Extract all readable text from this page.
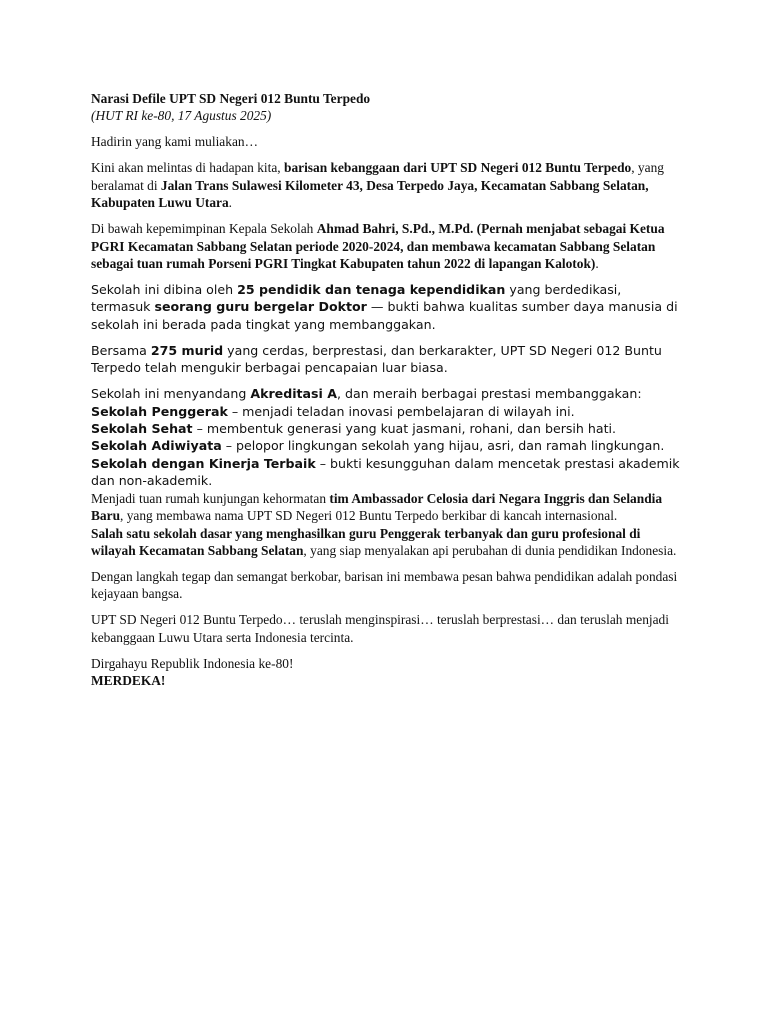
Narasi Defile UPT SD Negeri 012 Buntu Terpedo

(HUT RI ke-80, 17 Agustus 2025)

Hadirin yang kami muliakan…

Kini akan melintas di hadapan kita, barisan kebanggaan dari UPT SD Negeri 012 Buntu Terpedo, yang beralamat di Jalan Trans Sulawesi Kilometer 43, Desa Terpedo Jaya, Kecamatan Sabbang Selatan, Kabupaten Luwu Utara.

Di bawah kepemimpinan Kepala Sekolah Ahmad Bahri, S.Pd., M.Pd. (Pernah menjabat sebagai Ketua PGRI Kecamatan Sabbang Selatan periode 2020-2024, dan membawa kecamatan Sabbang Selatan sebagai tuan rumah Porseni PGRI Tingkat Kabupaten tahun 2022 di lapangan Kalotok).

Sekolah ini dibina oleh 25 pendidik dan tenaga kependidikan yang berdedikasi, termasuk seorang guru bergelar Doktor — bukti bahwa kualitas sumber daya manusia di sekolah ini berada pada tingkat yang membanggakan.

Bersama 275 murid yang cerdas, berprestasi, dan berkarakter, UPT SD Negeri 012 Buntu Terpedo telah mengukir berbagai pencapaian luar biasa.

Sekolah ini menyandang Akreditasi A, dan meraih berbagai prestasi membanggakan:
Sekolah Penggerak – menjadi teladan inovasi pembelajaran di wilayah ini.
Sekolah Sehat – membentuk generasi yang kuat jasmani, rohani, dan bersih hati.
Sekolah Adiwiyata – pelopor lingkungan sekolah yang hijau, asri, dan ramah lingkungan.
Sekolah dengan Kinerja Terbaik – bukti kesungguhan dalam mencetak prestasi akademik dan non-akademik.
Menjadi tuan rumah kunjungan kehormatan tim Ambassador Celosia dari Negara Inggris dan Selandia Baru, yang membawa nama UPT SD Negeri 012 Buntu Terpedo berkibar di kancah internasional.
Salah satu sekolah dasar yang menghasilkan guru Penggerak terbanyak dan guru profesional di wilayah Kecamatan Sabbang Selatan, yang siap menyalakan api perubahan di dunia pendidikan Indonesia.

Dengan langkah tegap dan semangat berkobar, barisan ini membawa pesan bahwa pendidikan adalah pondasi kejayaan bangsa.

UPT SD Negeri 012 Buntu Terpedo… teruslah menginspirasi… teruslah berprestasi… dan teruslah menjadi kebanggaan Luwu Utara serta Indonesia tercinta.

Dirgahayu Republik Indonesia ke-80!
MERDEKA!
